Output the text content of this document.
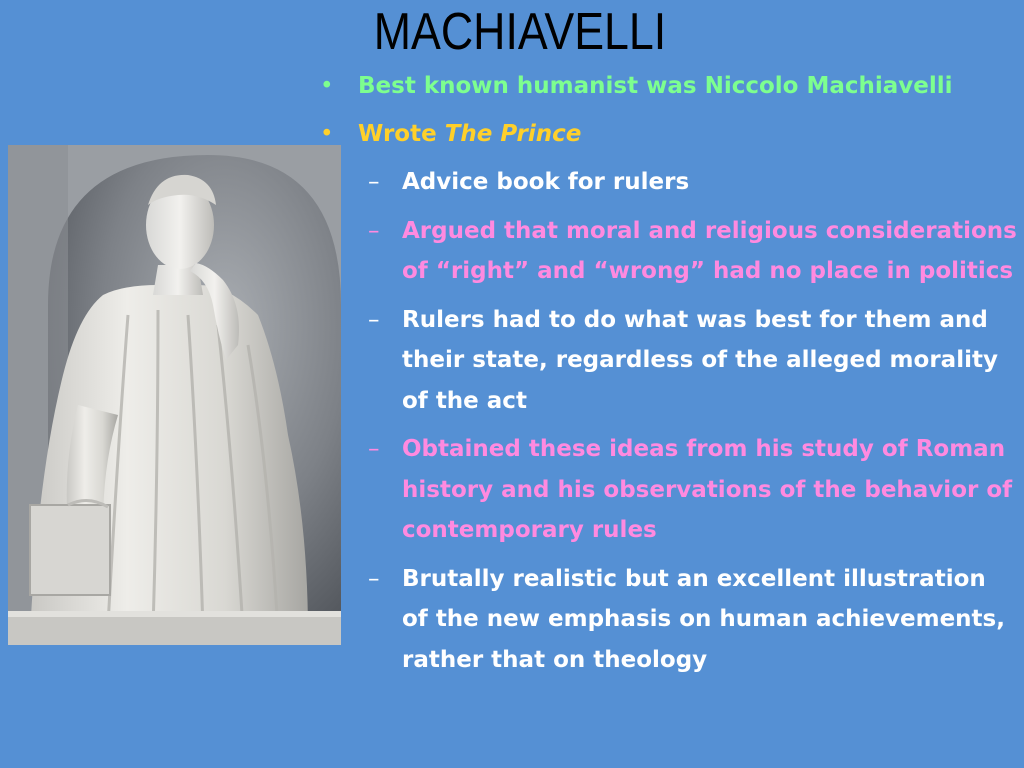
MACHIAVELLI
• Best known humanist was Niccolo Machiavelli
• Wrote The Prince
– Advice book for rulers
– Argued that moral and religious considerations of “right” and “wrong” had no place in politics
– Rulers had to do what was best for them and their state, regardless of the alleged morality of the act
– Obtained these ideas from his study of Roman history and his observations of the behavior of contemporary rules
– Brutally realistic but an excellent illustration of the new emphasis on human achievements, rather that on theology
